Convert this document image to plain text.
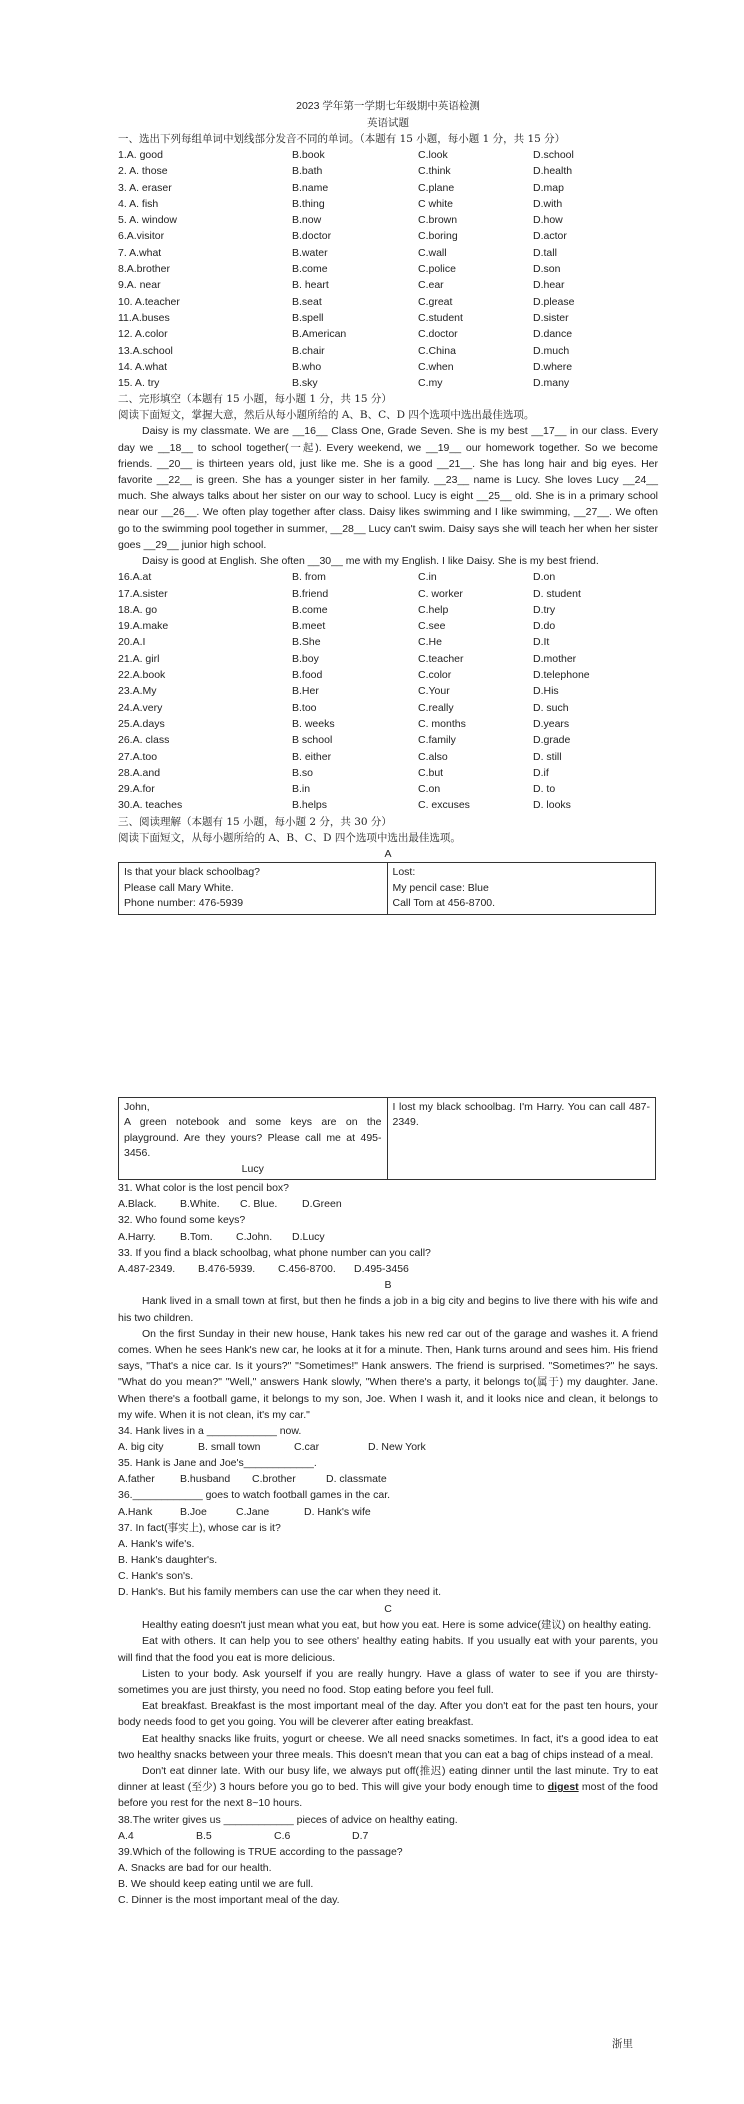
2023 学年第一学期七年级期中英语检测
英语试题
一、选出下列每组单词中划线部分发音不同的单词。（本题有 15 小题，每小题 1 分，共 15 分）
1.A. good	B.book	C.look	D.school
2. A. those	B.bath	C.think	D.health
3. A. eraser	B.name	C.plane	D.map
4. A. fish	B.thing	C white	D.with
5. A. window	B.now	C.brown	D.how
6.A.visitor	B.doctor	C.boring	D.actor
7. A.what	B.water	C.wall	D.tall
8.A.brother	B.come	C.police	D.son
9.A. near	B. heart	C.ear	D.hear
10. A.teacher	B.seat	C.great	D.please
11.A.buses	B.spell	C.student	D.sister
12. A.color	B.American	C.doctor	D.dance
13.A.school	B.chair	C.China	D.much
14. A.what	B.who	C.when	D.where
15. A. try	B.sky	C.my	D.many
二、完形填空（本题有 15 小题，每小题 1 分，共 15 分）
阅读下面短文，掌握大意，然后从每小题所给的 A、B、C、D 四个选项中选出最佳选项。
Daisy is my classmate. We are __16__ Class One, Grade Seven. She is my best __17__ in our class. Every day we __18__ to school together(一起). Every weekend, we __19__ our homework together. So we become friends. __20__ is thirteen years old, just like me. She is a good __21__. She has long hair and big eyes. Her favorite __22__ is green. She has a younger sister in her family. __23__ name is Lucy. She loves Lucy __24__ much. She always talks about her sister on our way to school. Lucy is eight __25__ old. She is in a primary school near our __26__. We often play together after class. Daisy likes swimming and I like swimming, __27__. We often go to the swimming pool together in summer, __28__ Lucy can't swim. Daisy says she will teach her when her sister goes __29__ junior high school.
Daisy is good at English. She often __30__ me with my English. I like Daisy. She is my best friend.
16.A.at	B. from	C.in	D.on
17.A.sister	B.friend	C. worker	D. student
18.A. go	B.come	C.help	D.try
19.A.make	B.meet	C.see	D.do
20.A.I	B.She	C.He	D.It
21.A. girl	B.boy	C.teacher	D.mother
22.A.book	B.food	C.color	D.telephone
23.A.My	B.Her	C.Your	D.His
24.A.very	B.too	C.really	D. such
25.A.days	B. weeks	C. months	D.years
26.A. class	B school	C.family	D.grade
27.A.too	B. either	C.also	D. still
28.A.and	B.so	C.but	D.if
29.A.for	B.in	C.on	D. to
30.A. teaches	B.helps	C. excuses	D. looks
三、阅读理解（本题有 15 小题，每小题 2 分，共 30 分）
阅读下面短文，从每小题所给的 A、B、C、D 四个选项中选出最佳选项。
A
Is that your black schoolbag?
Please call Mary White.
Phone number: 476-5939

Lost:
My pencil case: Blue
Call Tom at 456-8700.
John,
A green notebook and some keys are on the playground. Are they yours? Please call me at 495-3456.
Lucy

I lost my black schoolbag. I'm Harry. You can call 487-2349.
31. What color is the lost pencil box?
A.Black.	B.White.	C. Blue.	D.Green
32. Who found some keys?
A.Harry.	B.Tom.	C.John.	D.Lucy
33. If you find a black schoolbag, what phone number can you call?
A.487-2349.	B.476-5939.	C.456-8700.	D.495-3456
B
Hank lived in a small town at first, but then he finds a job in a big city and begins to live there with his wife and his two children.
On the first Sunday in their new house, Hank takes his new red car out of the garage and washes it. A friend comes. When he sees Hank's new car, he looks at it for a minute. Then, Hank turns around and sees him. His friend says, "That's a nice car. Is it yours?" "Sometimes!" Hank answers. The friend is surprised. "Sometimes?" he says. "What do you mean?" "Well," answers Hank slowly, "When there's a party, it belongs to(属于) my daughter. Jane. When there's a football game, it belongs to my son, Joe. When I wash it, and it looks nice and clean, it belongs to my wife. When it is not clean, it's my car."
34. Hank lives in a ____________ now.
A. big city	B. small town	C.car	D. New York
35. Hank is Jane and Joe's____________.
A.father	B.husband	C.brother	D. classmate
36.____________ goes to watch football games in the car.
A.Hank	B.Joe	C.Jane	D. Hank's wife
37. In fact(事实上), whose car is it?
A. Hank's wife's.
B. Hank's daughter's.
C. Hank's son's.
D. Hank's. But his family members can use the car when they need it.
C
Healthy eating doesn't just mean what you eat, but how you eat. Here is some advice(建议) on healthy eating.
Eat with others. It can help you to see others' healthy eating habits. If you usually eat with your parents, you will find that the food you eat is more delicious.
Listen to your body. Ask yourself if you are really hungry. Have a glass of water to see if you are thirsty-sometimes you are just thirsty, you need no food. Stop eating before you feel full.
Eat breakfast. Breakfast is the most important meal of the day. After you don't eat for the past ten hours, your body needs food to get you going. You will be cleverer after eating breakfast.
Eat healthy snacks like fruits, yogurt or cheese. We all need snacks sometimes. In fact, it's a good idea to eat two healthy snacks between your three meals. This doesn't mean that you can eat a bag of chips instead of a meal.
Don't eat dinner late. With our busy life, we always put off(推迟) eating dinner until the last minute. Try to eat dinner at least (至少) 3 hours before you go to bed. This will give your body enough time to digest most of the food before you rest for the next 8~10 hours.
38.The writer gives us ____________ pieces of advice on healthy eating.
A.4	B.5	C.6	D.7
39.Which of the following is TRUE according to the passage?
A. Snacks are bad for our health.
B. We should keep eating until we are full.
C. Dinner is the most important meal of the day.
浙里
